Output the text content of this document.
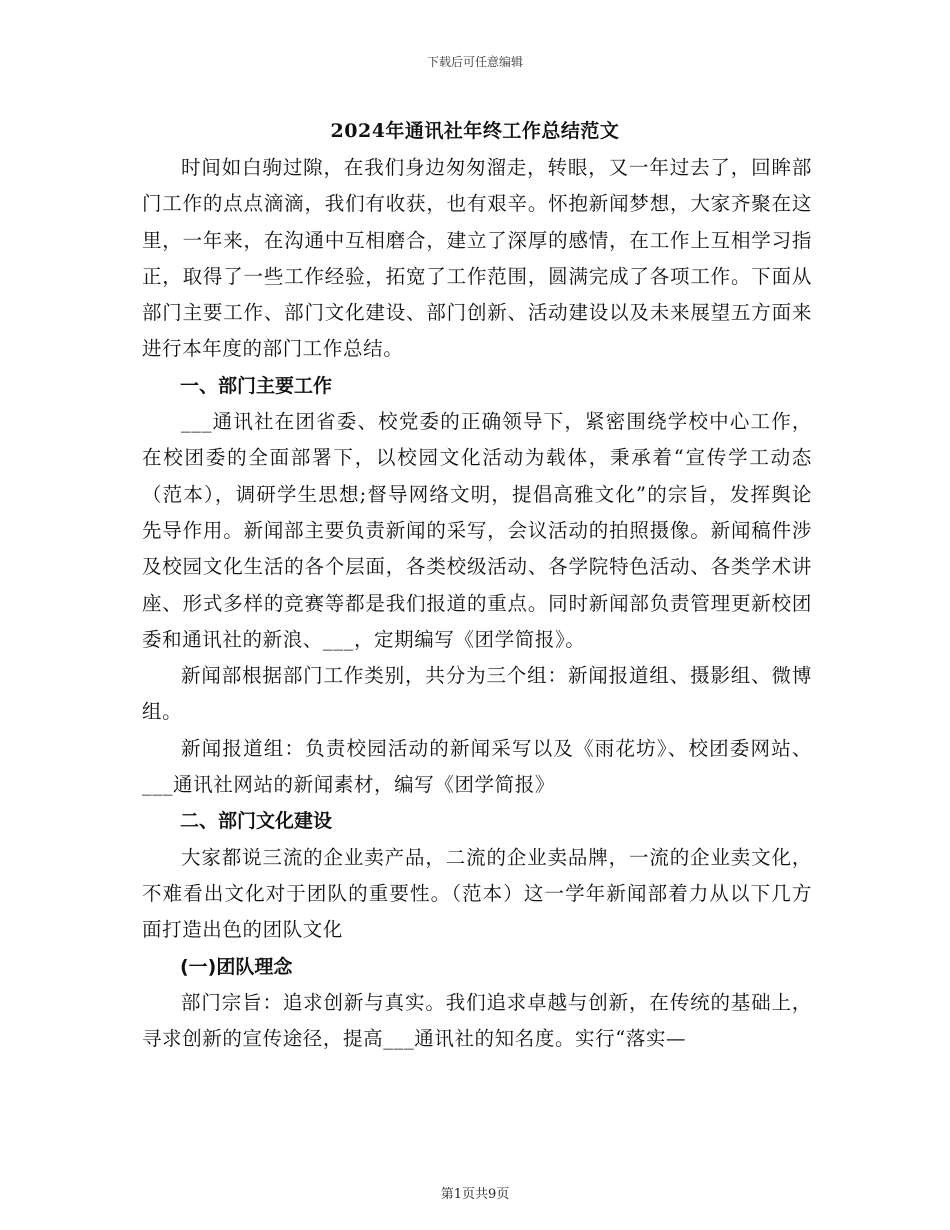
下载后可任意编辑
2024年通讯社年终工作总结范文

时间如白驹过隙，在我们身边匆匆溜走，转眼，又一年过去了，回眸部门工作的点点滴滴，我们有收获，也有艰辛。怀抱新闻梦想，大家齐聚在这里，一年来，在沟通中互相磨合，建立了深厚的感情，在工作上互相学习指正，取得了一些工作经验，拓宽了工作范围，圆满完成了各项工作。下面从部门主要工作、部门文化建设、部门创新、活动建设以及未来展望五方面来进行本年度的部门工作总结。

一、部门主要工作

___通讯社在团省委、校党委的正确领导下，紧密围绕学校中心工作，在校团委的全面部署下，以校园文化活动为载体，秉承着“宣传学工动态（范本），调研学生思想;督导网络文明，提倡高雅文化”的宗旨，发挥舆论先导作用。新闻部主要负责新闻的采写，会议活动的拍照摄像。新闻稿件涉及校园文化生活的各个层面，各类校级活动、各学院特色活动、各类学术讲座、形式多样的竞赛等都是我们报道的重点。同时新闻部负责管理更新校团委和通讯社的新浪、___，定期编写《团学简报》。

新闻部根据部门工作类别，共分为三个组：新闻报道组、摄影组、微博组。

新闻报道组：负责校园活动的新闻采写以及《雨花坊》、校团委网站、___通讯社网站的新闻素材，编写《团学简报》

二、部门文化建设

大家都说三流的企业卖产品，二流的企业卖品牌，一流的企业卖文化，不难看出文化对于团队的重要性。（范本）这一学年新闻部着力从以下几方面打造出色的团队文化

(一)团队理念

部门宗旨：追求创新与真实。我们追求卓越与创新，在传统的基础上，寻求创新的宣传途径，提高___通讯社的知名度。实行“落实—

第1页共9页
